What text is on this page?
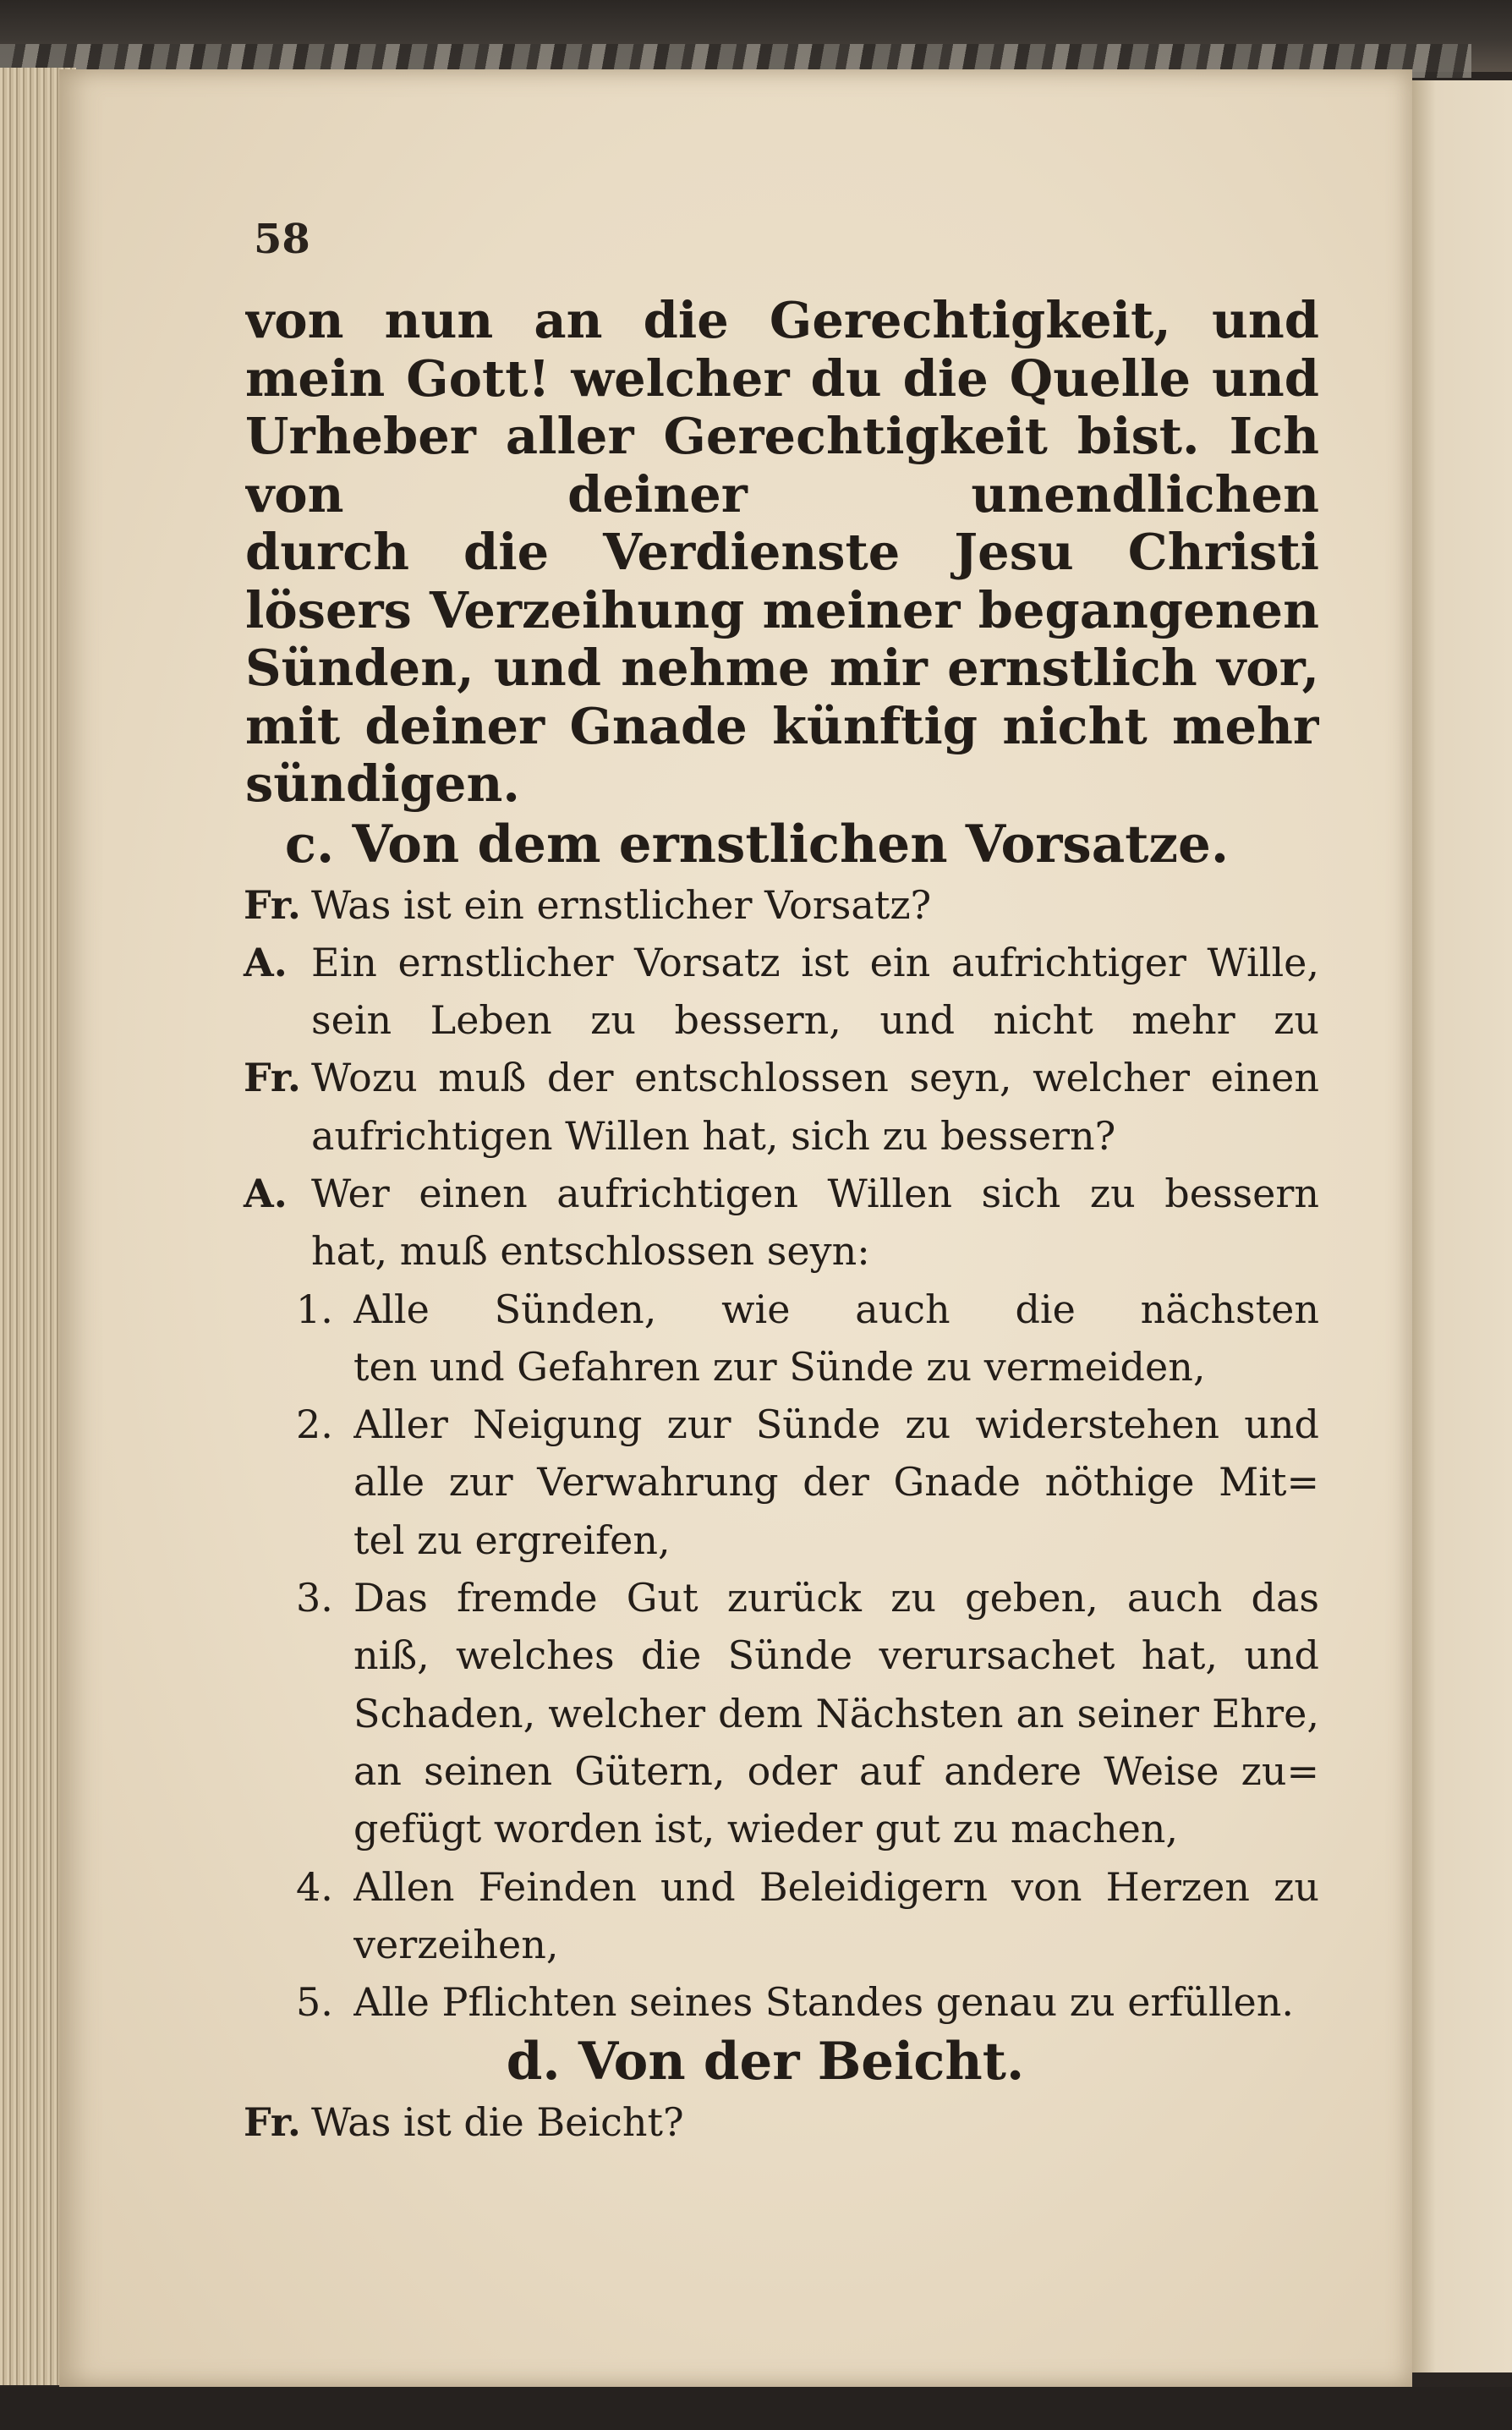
58
von nun an die Gerechtigkeit, und
mein Gott! welcher du die Quelle und
Urheber aller Gerechtigkeit bist. Ich
von deiner unendlichen
durch die Verdienste Jesu Christi
lösers Verzeihung meiner begangenen
Sünden, und nehme mir ernstlich vor,
mit deiner Gnade künftig nicht mehr
sündigen.
c. Von dem ernstlichen Vorsatze.
Fr. Was ist ein ernstlicher Vorsatz?
A. Ein ernstlicher Vorsatz ist ein aufrichtiger Wille,
sein Leben zu bessern, und nicht mehr zu
Fr. Wozu muß der entschlossen seyn, welcher einen
aufrichtigen Willen hat, sich zu bessern?
A. Wer einen aufrichtigen Willen sich zu bessern
hat, muß entschlossen seyn:
1. Alle Sünden, wie auch die nächsten
ten und Gefahren zur Sünde zu vermeiden,
2. Aller Neigung zur Sünde zu widerstehen und
alle zur Verwahrung der Gnade nöthige Mit=
tel zu ergreifen,
3. Das fremde Gut zurück zu geben, auch das
niß, welches die Sünde verursachet hat, und
Schaden, welcher dem Nächsten an seiner Ehre,
an seinen Gütern, oder auf andere Weise zu=
gefügt worden ist, wieder gut zu machen,
4. Allen Feinden und Beleidigern von Herzen zu
verzeihen,
5. Alle Pflichten seines Standes genau zu erfüllen.
d. Von der Beicht.
Fr. Was ist die Beicht?
